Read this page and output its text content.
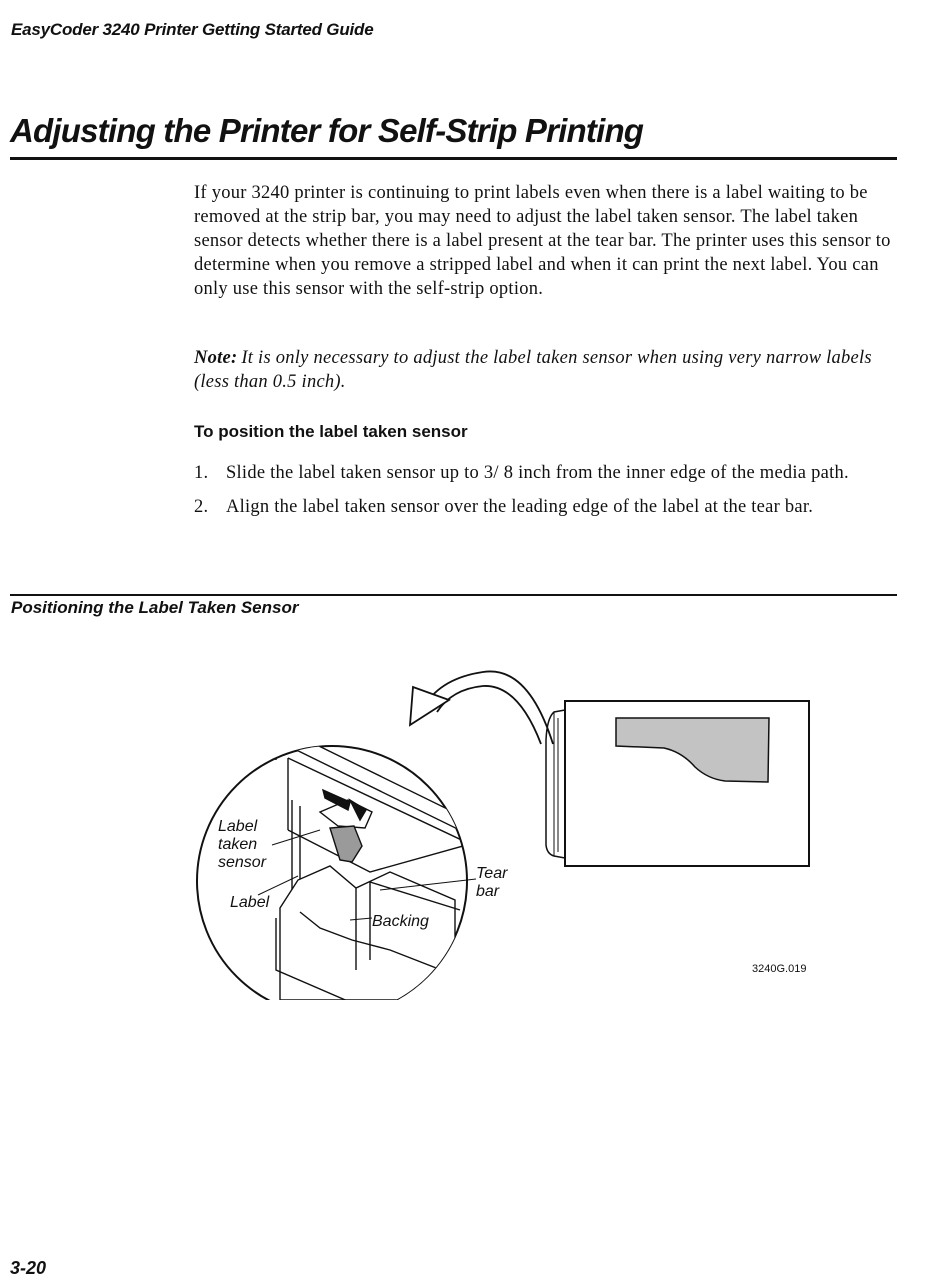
EasyCoder 3240 Printer Getting Started Guide
Adjusting the Printer for Self-Strip Printing

If your 3240 printer is continuing to print labels even when there is a label waiting to be removed at the strip bar, you may need to adjust the label taken sensor. The label taken sensor detects whether there is a label present at the tear bar. The printer uses this sensor to determine when you remove a stripped label and when it can print the next label. You can only use this sensor with the self-strip option.

Note: It is only necessary to adjust the label taken sensor when using very narrow labels (less than 0.5 inch).

To position the label taken sensor
1. Slide the label taken sensor up to 3/ 8 inch from the inner edge of the media path.
2. Align the label taken sensor over the leading edge of the label at the tear bar.
Positioning the Label Taken Sensor
Label taken sensor
Label
Tear bar
Backing
3240G.019
3-20
